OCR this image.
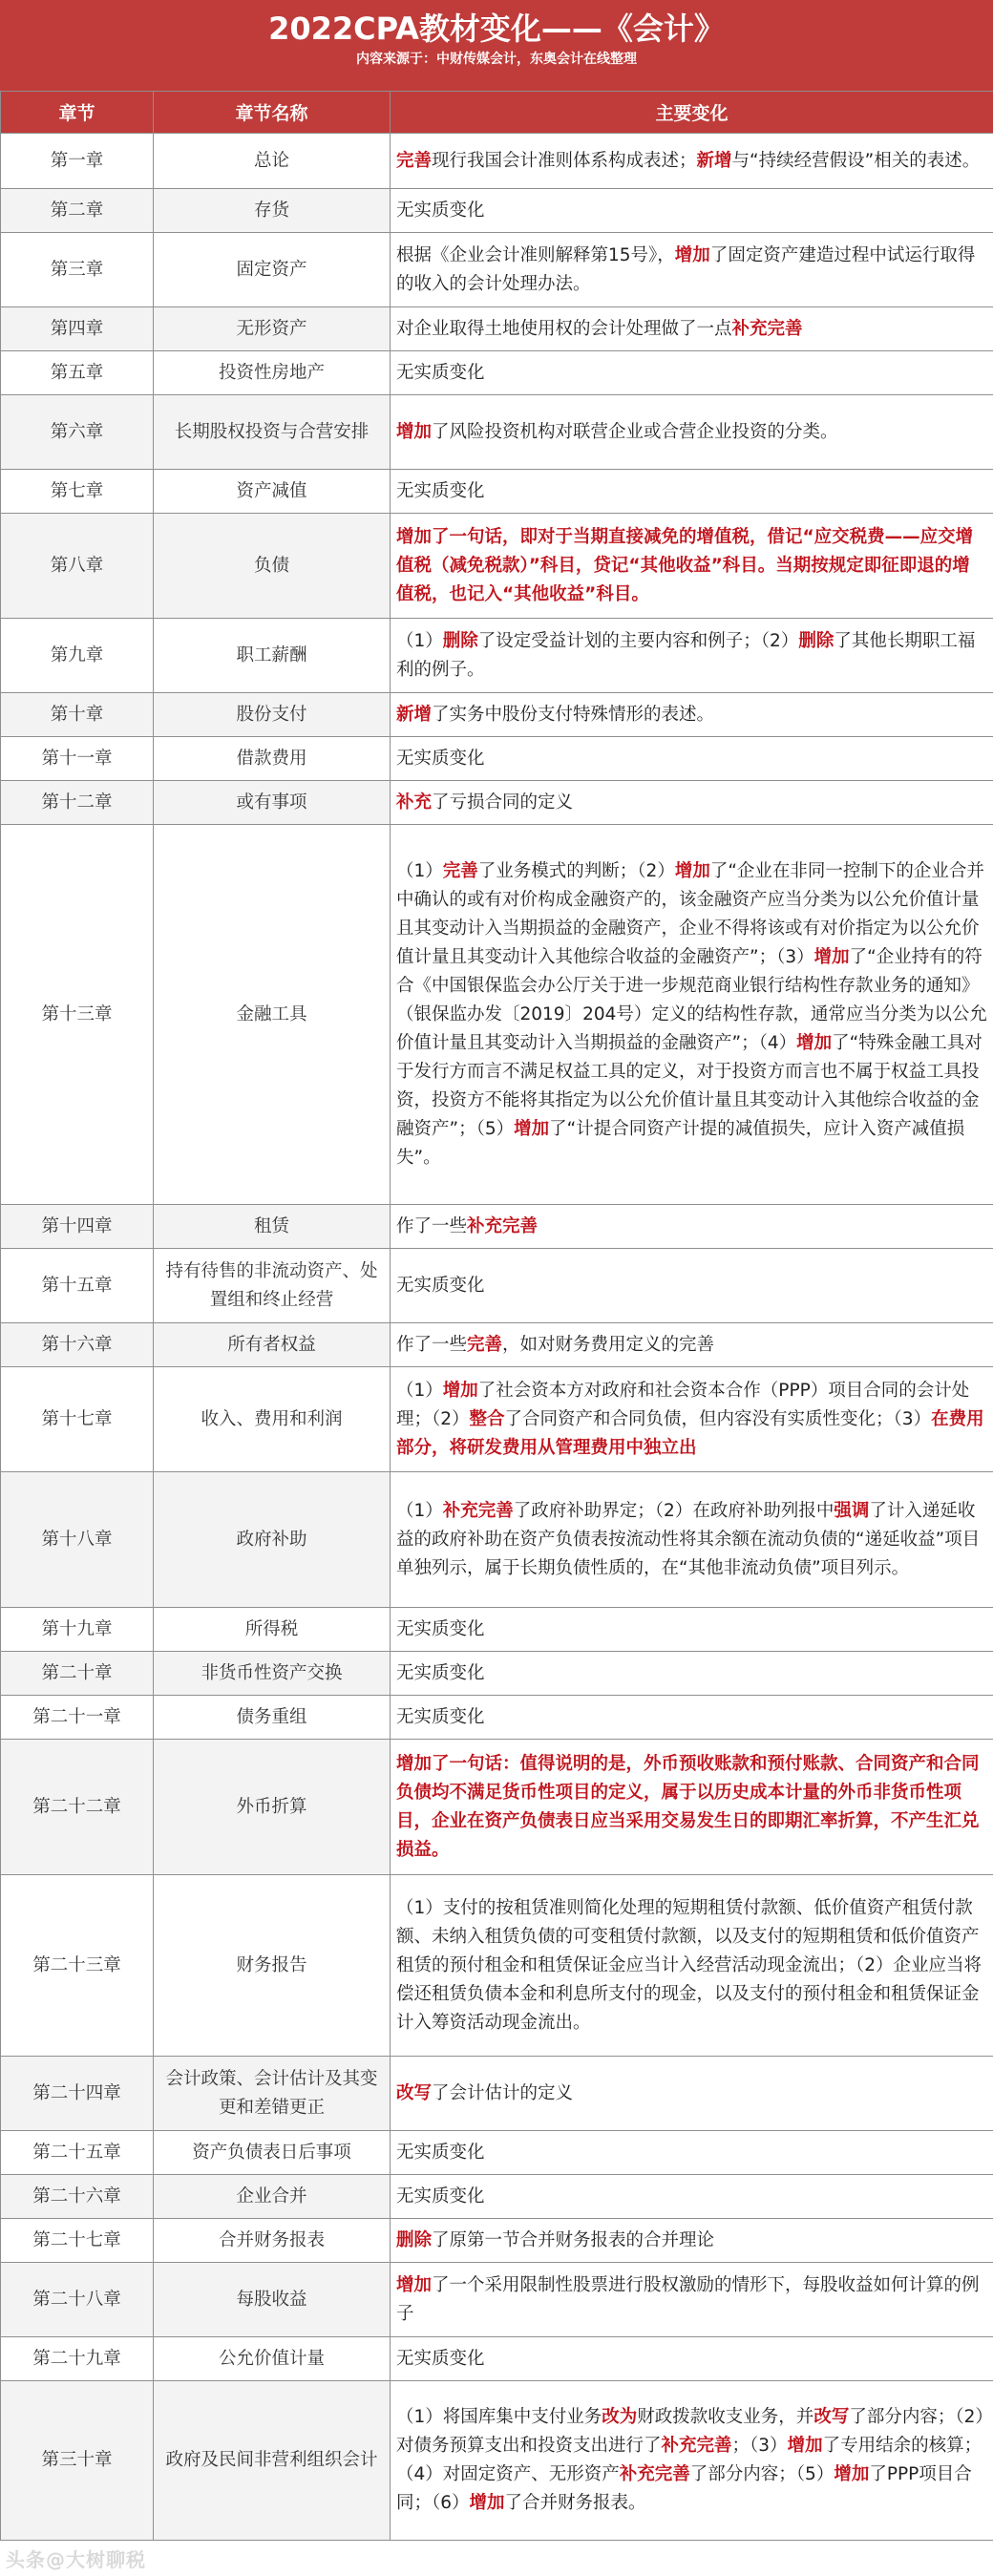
2022CPA教材变化——《会计》
内容来源于：中财传媒会计，东奥会计在线整理
章节	章节名称	主要变化
第一章	总论	完善现行我国会计准则体系构成表述；新增与“持续经营假设”相关的表述。
第二章	存货	无实质变化
第三章	固定资产	根据《企业会计准则解释第15号》，增加了固定资产建造过程中试运行取得的收入的会计处理办法。
第四章	无形资产	对企业取得土地使用权的会计处理做了一点补充完善
第五章	投资性房地产	无实质变化
第六章	长期股权投资与合营安排	增加了风险投资机构对联营企业或合营企业投资的分类。
第七章	资产减值	无实质变化
第八章	负债	增加了一句话，即对于当期直接减免的增值税，借记“应交税费——应交增值税（减免税款）”科目，贷记“其他收益”科目。当期按规定即征即退的增值税，也记入“其他收益”科目。
第九章	职工薪酬	（1）删除了设定受益计划的主要内容和例子；（2）删除了其他长期职工福利的例子。
第十章	股份支付	新增了实务中股份支付特殊情形的表述。
第十一章	借款费用	无实质变化
第十二章	或有事项	补充了亏损合同的定义
第十三章	金融工具	（1）完善了业务模式的判断；（2）增加了“企业在非同一控制下的企业合并中确认的或有对价构成金融资产的，该金融资产应当分类为以公允价值计量且其变动计入当期损益的金融资产，企业不得将该或有对价指定为以公允价值计量且其变动计入其他综合收益的金融资产”；（3）增加了“企业持有的符合《中国银保监会办公厅关于进一步规范商业银行结构性存款业务的通知》（银保监办发〔2019〕204号）定义的结构性存款，通常应当分类为以公允价值计量且其变动计入当期损益的金融资产”；（4）增加了“特殊金融工具对于发行方而言不满足权益工具的定义，对于投资方而言也不属于权益工具投资，投资方不能将其指定为以公允价值计量且其变动计入其他综合收益的金融资产”；（5）增加了“计提合同资产计提的减值损失，应计入资产减值损失”。
第十四章	租赁	作了一些补充完善
第十五章	持有待售的非流动资产、处置组和终止经营	无实质变化
第十六章	所有者权益	作了一些完善，如对财务费用定义的完善
第十七章	收入、费用和利润	（1）增加了社会资本方对政府和社会资本合作（PPP）项目合同的会计处理；（2）整合了合同资产和合同负债，但内容没有实质性变化；（3）在费用部分，将研发费用从管理费用中独立出
第十八章	政府补助	（1）补充完善了政府补助界定；（2）在政府补助列报中强调了计入递延收益的政府补助在资产负债表按流动性将其余额在流动负债的“递延收益”项目单独列示，属于长期负债性质的，在“其他非流动负债”项目列示。
第十九章	所得税	无实质变化
第二十章	非货币性资产交换	无实质变化
第二十一章	债务重组	无实质变化
第二十二章	外币折算	增加了一句话：值得说明的是，外币预收账款和预付账款、合同资产和合同负债均不满足货币性项目的定义，属于以历史成本计量的外币非货币性项目，企业在资产负债表日应当采用交易发生日的即期汇率折算，不产生汇兑损益。
第二十三章	财务报告	（1）支付的按租赁准则简化处理的短期租赁付款额、低价值资产租赁付款额、未纳入租赁负债的可变租赁付款额，以及支付的短期租赁和低价值资产租赁的预付租金和租赁保证金应当计入经营活动现金流出；（2）企业应当将偿还租赁负债本金和利息所支付的现金，以及支付的预付租金和租赁保证金计入筹资活动现金流出。
第二十四章	会计政策、会计估计及其变更和差错更正	改写了会计估计的定义
第二十五章	资产负债表日后事项	无实质变化
第二十六章	企业合并	无实质变化
第二十七章	合并财务报表	删除了原第一节合并财务报表的合并理论
第二十八章	每股收益	增加了一个采用限制性股票进行股权激励的情形下，每股收益如何计算的例子
第二十九章	公允价值计量	无实质变化
第三十章	政府及民间非营利组织会计	（1）将国库集中支付业务改为财政拨款收支业务，并改写了部分内容；（2）对债务预算支出和投资支出进行了补充完善；（3）增加了专用结余的核算；（4）对固定资产、无形资产补充完善了部分内容；（5）增加了PPP项目合同；（6）增加了合并财务报表。
头条@大树聊税
